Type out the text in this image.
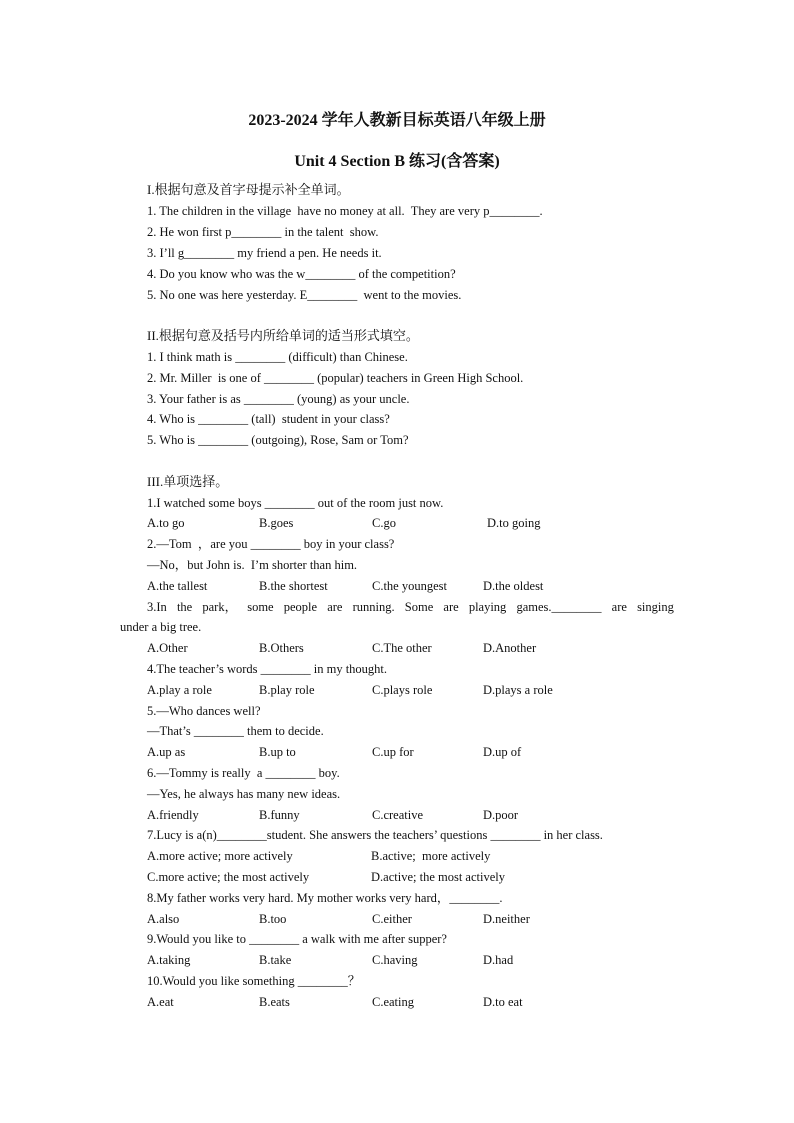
2023-2024 学年人教新目标英语八年级上册
Unit 4 Section B 练习(含答案)
I.根据句意及首字母提示补全单词。
1. The children in the village  have no money at all.  They are very p________.
2. He won first p________ in the talent  show.
3. I’ll g________ my friend a pen. He needs it.
4. Do you know who was the w________ of the competition?
5. No one was here yesterday. E________  went to the movies.
II.根据句意及括号内所给单词的适当形式填空。
1. I think math is ________ (difficult) than Chinese.
2. Mr. Miller  is one of ________ (popular) teachers in Green High School.
3. Your father is as ________ (young) as your uncle.
4. Who is ________ (tall)  student in your class?
5. Who is ________ (outgoing), Rose, Sam or Tom?
III.单项选择。
1.I watched some boys ________ out of the room just now.
A.to go	B.goes	C.go	D.to going
2.—Tom  ，are you ________ boy in your class?
—No，but John is.  I’m shorter than him.
A.the tallest	B.the shortest	C.the youngest	D.the oldest
3.In the park， some people are running. Some are playing games.________ are singing
under a big tree.
A.Other	B.Others	C.The other	D.Another
4.The teacher’s words ________ in my thought.
A.play a role	B.play role	C.plays role	D.plays a role
5.—Who dances well?
—That’s ________ them to decide.
A.up as	B.up to	C.up for	D.up of
6.—Tommy is really  a ________ boy.
—Yes, he always has many new ideas.
A.friendly	B.funny	C.creative	D.poor
7.Lucy is a(n)________student. She answers the teachers’ questions ________ in her class.
A.more active; more actively	B.active;  more actively
C.more active; the most actively	D.active; the most actively
8.My father works very hard. My mother works very hard，________.
A.also	B.too	C.either	D.neither
9.Would you like to ________ a walk with me after supper?
A.taking	B.take	C.having	D.had
10.Would you like something ________？
A.eat	B.eats	C.eating	D.to eat
